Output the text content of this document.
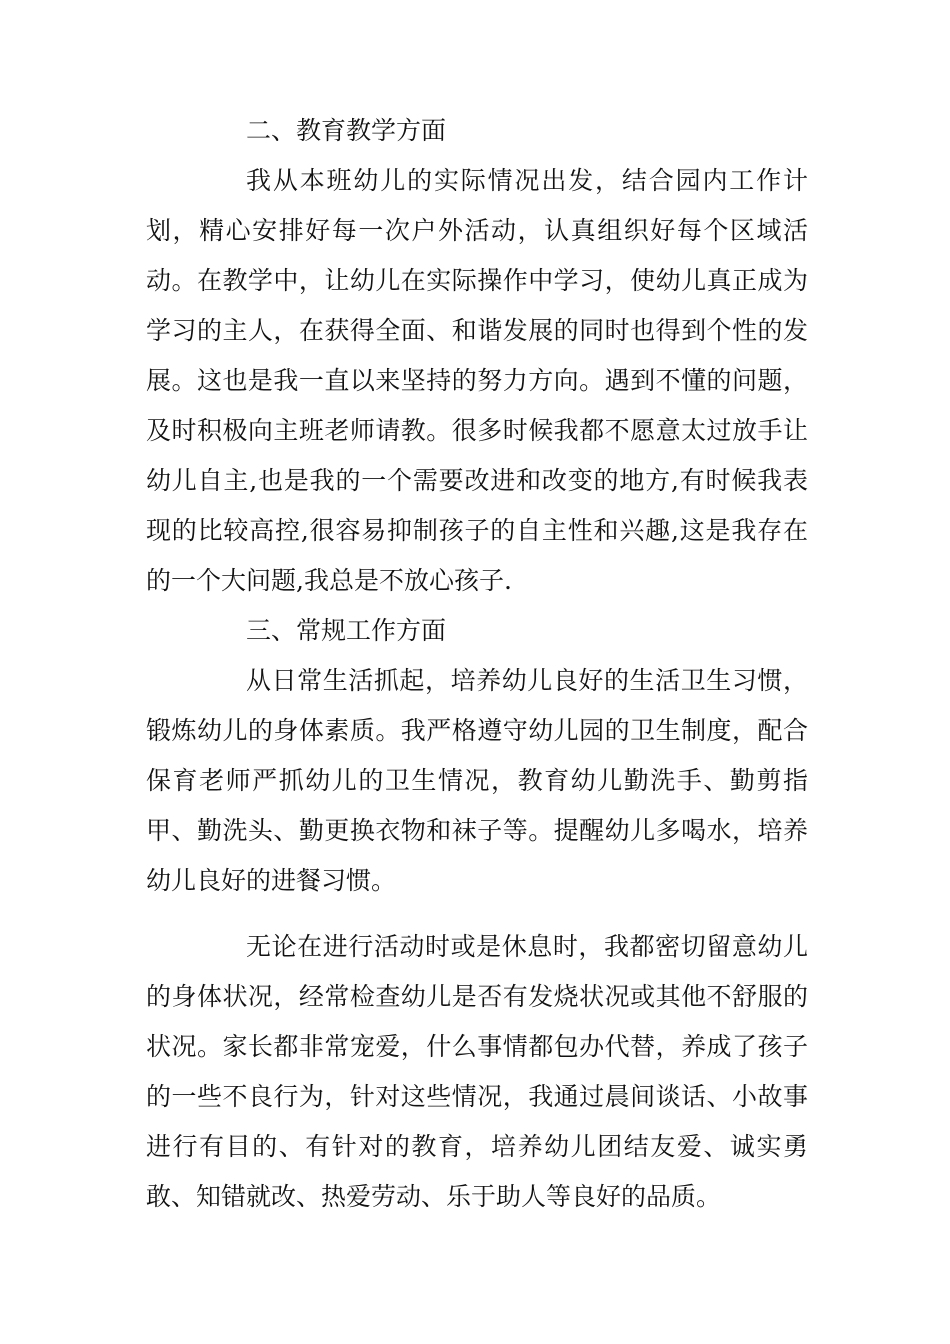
二、教育教学方面

我从本班幼儿的实际情况出发，结合园内工作计划，精心安排好每一次户外活动，认真组织好每个区域活动。在教学中，让幼儿在实际操作中学习，使幼儿真正成为学习的主人，在获得全面、和谐发展的同时也得到个性的发展。这也是我一直以来坚持的努力方向。遇到不懂的问题，及时积极向主班老师请教。很多时候我都不愿意太过放手让幼儿自主,也是我的一个需要改进和改变的地方,有时候我表现的比较高控,很容易抑制孩子的自主性和兴趣,这是我存在的一个大问题,我总是不放心孩子.

三、常规工作方面

从日常生活抓起，培养幼儿良好的生活卫生习惯，锻炼幼儿的身体素质。我严格遵守幼儿园的卫生制度，配合保育老师严抓幼儿的卫生情况，教育幼儿勤洗手、勤剪指甲、勤洗头、勤更换衣物和袜子等。提醒幼儿多喝水，培养幼儿良好的进餐习惯。

无论在进行活动时或是休息时，我都密切留意幼儿的身体状况，经常检查幼儿是否有发烧状况或其他不舒服的状况。家长都非常宠爱，什么事情都包办代替，养成了孩子的一些不良行为，针对这些情况，我通过晨间谈话、小故事进行有目的、有针对的教育，培养幼儿团结友爱、诚实勇敢、知错就改、热爱劳动、乐于助人等良好的品质。
